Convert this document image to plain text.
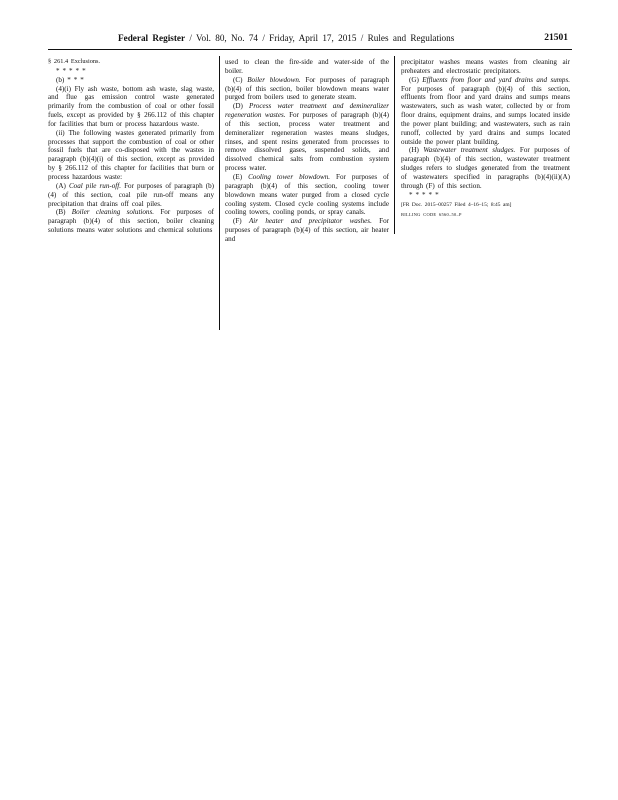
Federal Register / Vol. 80, No. 74 / Friday, April 17, 2015 / Rules and Regulations	21501

§ 261.4 Exclusions.

* * * * *

(b) * * *

(4)(i) Fly ash waste, bottom ash waste, slag waste, and flue gas emission control waste generated primarily from the combustion of coal or other fossil fuels, except as provided by § 266.112 of this chapter for facilities that burn or process hazardous waste.

(ii) The following wastes generated primarily from processes that support the combustion of coal or other fossil fuels that are co-disposed with the wastes in paragraph (b)(4)(i) of this section, except as provided by § 266.112 of this chapter for facilities that burn or process hazardous waste:

(A) Coal pile run-off. For purposes of paragraph (b)(4) of this section, coal pile run-off means any precipitation that drains off coal piles.

(B) Boiler cleaning solutions. For purposes of paragraph (b)(4) of this section, boiler cleaning solutions means water solutions and chemical solutions

used to clean the fire-side and water-side of the boiler.

(C) Boiler blowdown. For purposes of paragraph (b)(4) of this section, boiler blowdown means water purged from boilers used to generate steam.

(D) Process water treatment and demineralizer regeneration wastes. For purposes of paragraph (b)(4) of this section, process water treatment and demineralizer regeneration wastes means sludges, rinses, and spent resins generated from processes to remove dissolved gases, suspended solids, and dissolved chemical salts from combustion system process water.

(E) Cooling tower blowdown. For purposes of paragraph (b)(4) of this section, cooling tower blowdown means water purged from a closed cycle cooling system. Closed cycle cooling systems include cooling towers, cooling ponds, or spray canals.

(F) Air heater and precipitator washes. For purposes of paragraph (b)(4) of this section, air heater and

precipitator washes means wastes from cleaning air preheaters and electrostatic precipitators.

(G) Effluents from floor and yard drains and sumps. For purposes of paragraph (b)(4) of this section, effluents from floor and yard drains and sumps means wastewaters, such as wash water, collected by or from floor drains, equipment drains, and sumps located inside the power plant building; and wastewaters, such as rain runoff, collected by yard drains and sumps located outside the power plant building.

(H) Wastewater treatment sludges. For purposes of paragraph (b)(4) of this section, wastewater treatment sludges refers to sludges generated from the treatment of wastewaters specified in paragraphs (b)(4)(ii)(A) through (F) of this section.

* * * * *

[FR Doc. 2015–00257 Filed 4–16–15; 8:45 am]

BILLING CODE 6560–50–P
